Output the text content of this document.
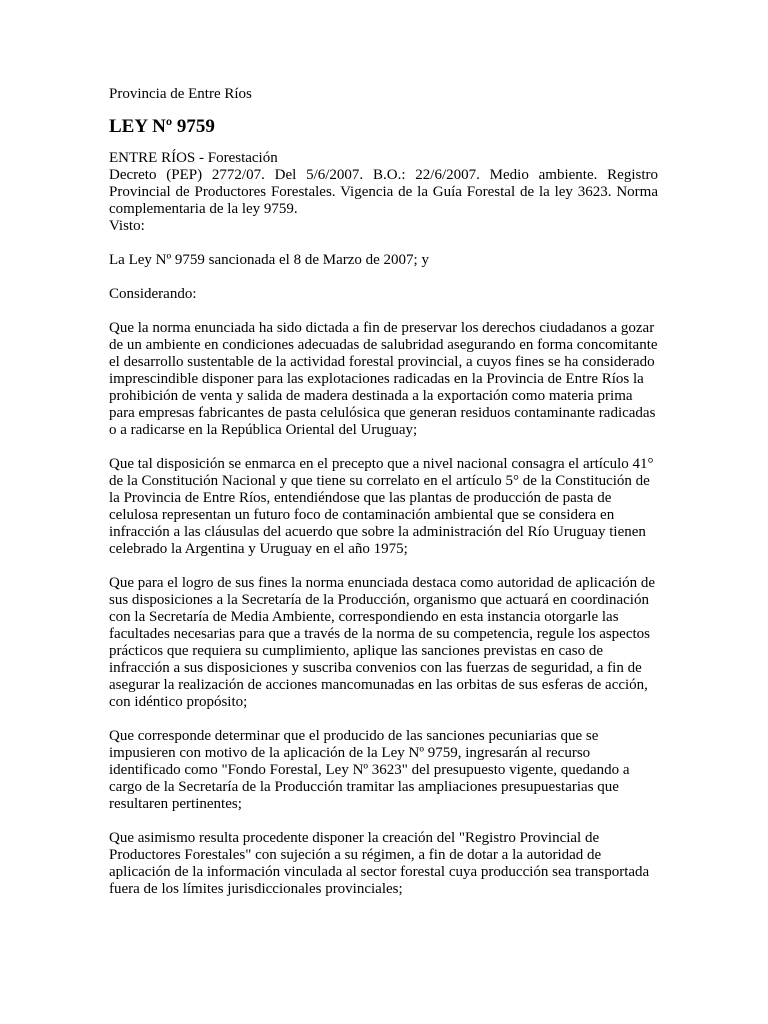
Provincia de Entre Ríos

LEY Nº 9759

ENTRE RÍOS - Forestación
Decreto (PEP) 2772/07. Del 5/6/2007. B.O.: 22/6/2007. Medio ambiente. Registro Provincial de Productores Forestales. Vigencia de la Guía Forestal de la ley 3623. Norma complementaria de la ley 9759.
Visto:

La Ley Nº 9759 sancionada el 8 de Marzo de 2007; y

Considerando:

Que la norma enunciada ha sido dictada a fin de preservar los derechos ciudadanos a gozar de un ambiente en condiciones adecuadas de salubridad asegurando en forma concomitante el desarrollo sustentable de la actividad forestal provincial, a cuyos fines se ha considerado imprescindible disponer para las explotaciones radicadas en la Provincia de Entre Ríos la prohibición de venta y salida de madera destinada a la exportación como materia prima para empresas fabricantes de pasta celulósica que generan residuos contaminante radicadas o a radicarse en la República Oriental del Uruguay;

Que tal disposición se enmarca en el precepto que a nivel nacional consagra el artículo 41° de la Constitución Nacional y que tiene su correlato en el artículo 5° de la Constitución de la Provincia de Entre Ríos, entendiéndose que las plantas de producción de pasta de celulosa representan un futuro foco de contaminación ambiental que se considera en infracción a las cláusulas del acuerdo que sobre la administración del Río Uruguay tienen celebrado la Argentina y Uruguay en el año 1975;

Que para el logro de sus fines la norma enunciada destaca como autoridad de aplicación de sus disposiciones a la Secretaría de la Producción, organismo que actuará en coordinación con la Secretaría de Media Ambiente, correspondiendo en esta instancia otorgarle las facultades necesarias para que a través de la norma de su competencia, regule los aspectos prácticos que requiera su cumplimiento, aplique las sanciones previstas en caso de infracción a sus disposiciones y suscriba convenios con las fuerzas de seguridad, a fin de asegurar la realización de acciones mancomunadas en las orbitas de sus esferas de acción, con idéntico propósito;

Que corresponde determinar que el producido de las sanciones pecuniarias que se impusieren con motivo de la aplicación de la Ley Nº 9759, ingresarán al recurso identificado como "Fondo Forestal, Ley Nº 3623" del presupuesto vigente, quedando a cargo de la Secretaría de la Producción tramitar las ampliaciones presupuestarias que resultaren pertinentes;

Que asimismo resulta procedente disponer la creación del "Registro Provincial de Productores Forestales" con sujeción a su régimen, a fin de dotar a la autoridad de aplicación de la información vinculada al sector forestal cuya producción sea transportada fuera de los límites jurisdiccionales provinciales;
